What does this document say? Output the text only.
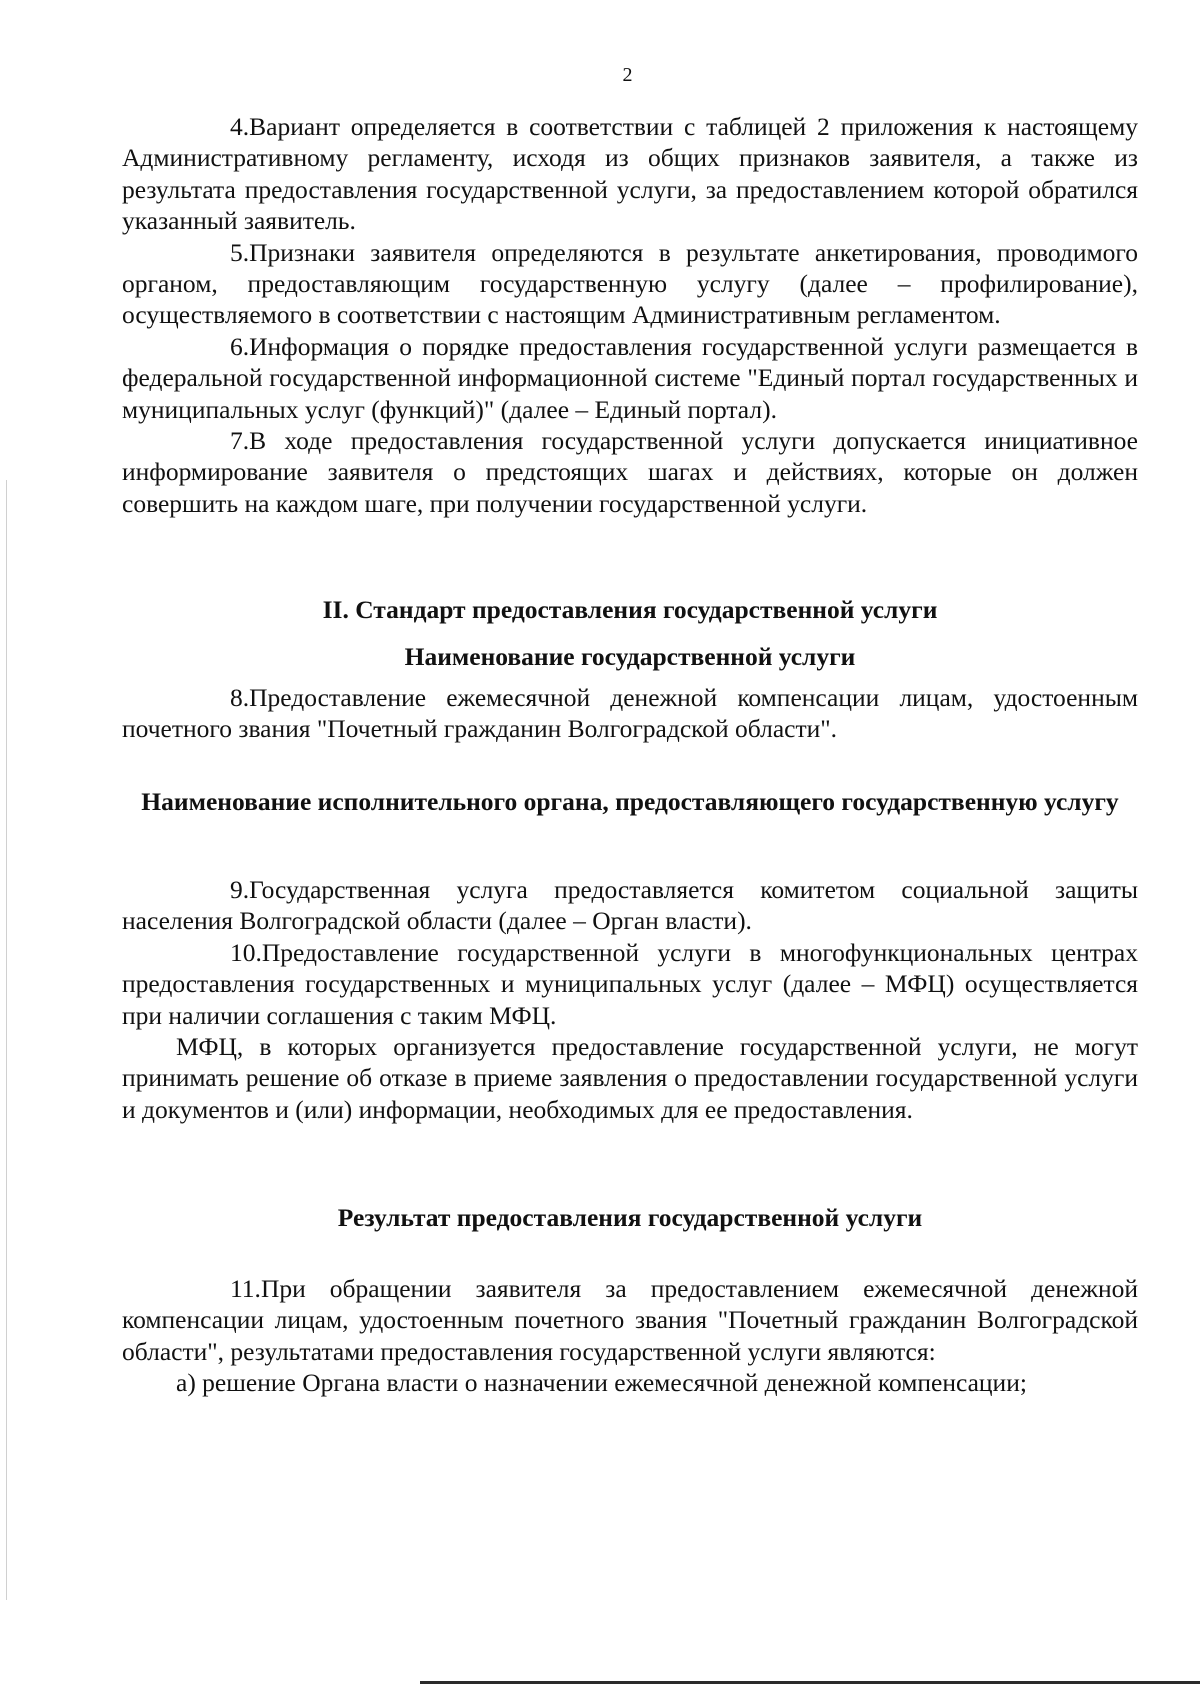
2

4.Вариант определяется в соответствии с таблицей 2 приложения к настоящему Административному регламенту, исходя из общих признаков заявителя, а также из результата предоставления государственной услуги, за предоставлением которой обратился указанный заявитель.

5.Признаки заявителя определяются в результате анкетирования, проводимого органом, предоставляющим государственную услугу (далее – профилирование), осуществляемого в соответствии с настоящим Административным регламентом.

6.Информация о порядке предоставления государственной услуги размещается в федеральной государственной информационной системе "Единый портал государственных и муниципальных услуг (функций)" (далее – Единый портал).

7.В ходе предоставления государственной услуги допускается инициативное информирование заявителя о предстоящих шагах и действиях, которые он должен совершить на каждом шаге, при получении государственной услуги.

II. Стандарт предоставления государственной услуги
Наименование государственной услуги

8.Предоставление ежемесячной денежной компенсации лицам, удостоенным почетного звания "Почетный гражданин Волгоградской области".

Наименование исполнительного органа, предоставляющего государственную услугу

9.Государственная услуга предоставляется комитетом социальной защиты населения Волгоградской области (далее – Орган власти).

10.Предоставление государственной услуги в многофункциональных центрах предоставления государственных и муниципальных услуг (далее – МФЦ) осуществляется при наличии соглашения с таким МФЦ.

МФЦ, в которых организуется предоставление государственной услуги, не могут принимать решение об отказе в приеме заявления о предоставлении государственной услуги и документов и (или) информации, необходимых для ее предоставления.

Результат предоставления государственной услуги

11.При обращении заявителя за предоставлением ежемесячной денежной компенсации лицам, удостоенным почетного звания "Почетный гражданин Волгоградской области", результатами предоставления государственной услуги являются:

а) решение Органа власти о назначении ежемесячной денежной компенсации;
